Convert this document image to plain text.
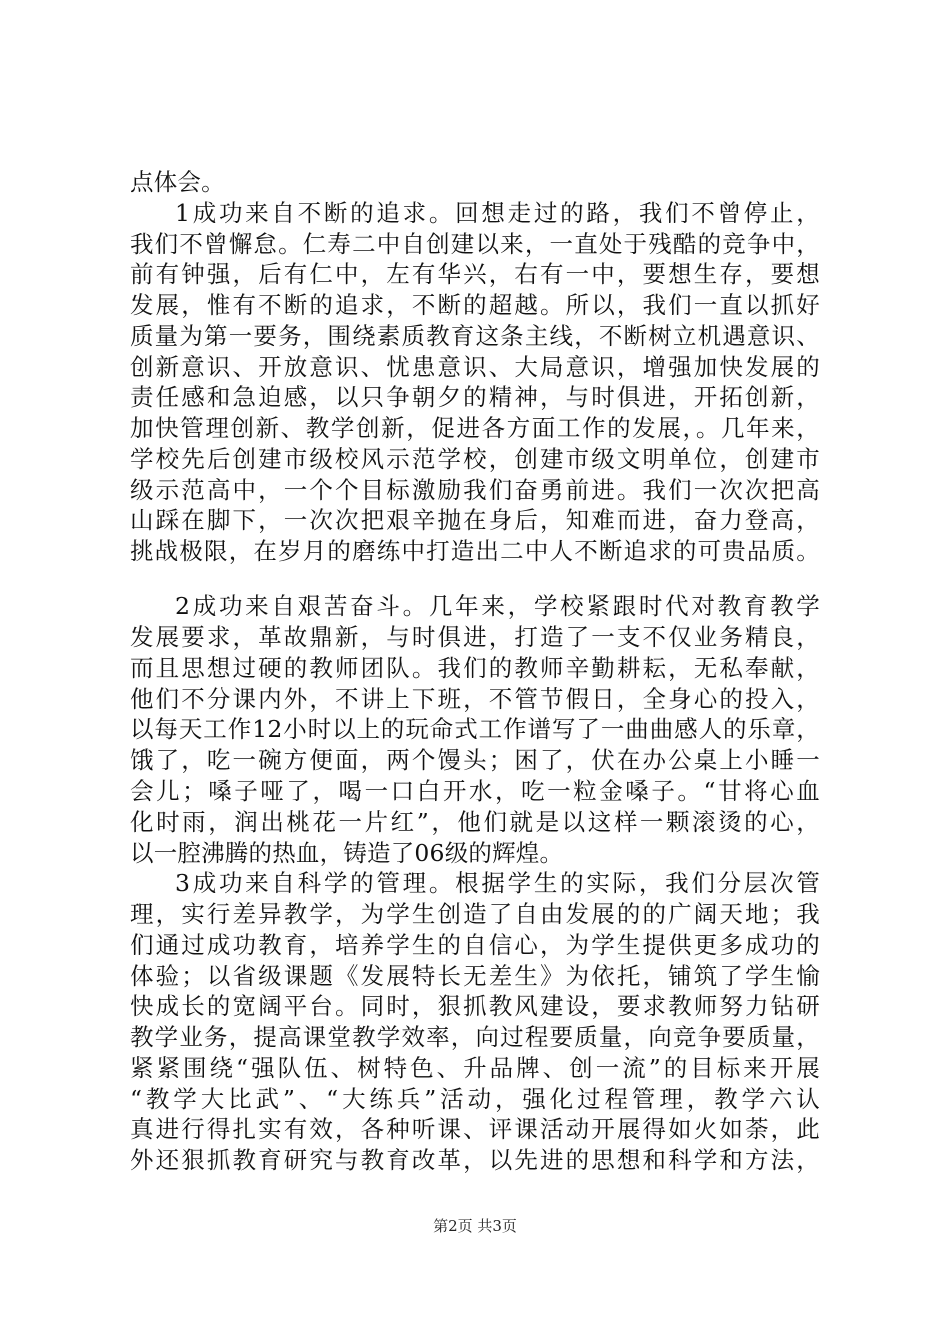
点体会。
1成功来自不断的追求。回想走过的路，我们不曾停止，
我们不曾懈怠。仁寿二中自创建以来，一直处于残酷的竞争中，
前有钟强，后有仁中，左有华兴，右有一中，要想生存，要想
发展，惟有不断的追求，不断的超越。所以，我们一直以抓好
质量为第一要务，围绕素质教育这条主线，不断树立机遇意识、
创新意识、开放意识、忧患意识、大局意识，增强加快发展的
责任感和急迫感，以只争朝夕的精神，与时俱进，开拓创新，
加快管理创新、教学创新，促进各方面工作的发展，。几年来，
学校先后创建市级校风示范学校，创建市级文明单位，创建市
级示范高中，一个个目标激励我们奋勇前进。我们一次次把高
山踩在脚下，一次次把艰辛抛在身后，知难而进，奋力登高，
挑战极限，在岁月的磨练中打造出二中人不断追求的可贵品质。
2成功来自艰苦奋斗。几年来，学校紧跟时代对教育教学
发展要求，革故鼎新，与时俱进，打造了一支不仅业务精良，
而且思想过硬的教师团队。我们的教师辛勤耕耘，无私奉献，
他们不分课内外，不讲上下班，不管节假日，全身心的投入，
以每天工作12小时以上的玩命式工作谱写了一曲曲感人的乐章，
饿了，吃一碗方便面，两个馒头；困了，伏在办公桌上小睡一
会儿；嗓子哑了，喝一口白开水，吃一粒金嗓子。“甘将心血
化时雨，润出桃花一片红”，他们就是以这样一颗滚烫的心，
以一腔沸腾的热血，铸造了06级的辉煌。
3成功来自科学的管理。根据学生的实际，我们分层次管
理，实行差异教学，为学生创造了自由发展的的广阔天地；我
们通过成功教育，培养学生的自信心，为学生提供更多成功的
体验；以省级课题《发展特长无差生》为依托，铺筑了学生愉
快成长的宽阔平台。同时，狠抓教风建设，要求教师努力钻研
教学业务，提高课堂教学效率，向过程要质量，向竞争要质量，
紧紧围绕“强队伍、树特色、升品牌、创一流”的目标来开展
“教学大比武”、“大练兵”活动，强化过程管理，教学六认
真进行得扎实有效，各种听课、评课活动开展得如火如荼，此
外还狠抓教育研究与教育改革，以先进的思想和科学和方法，
第2页 共3页
